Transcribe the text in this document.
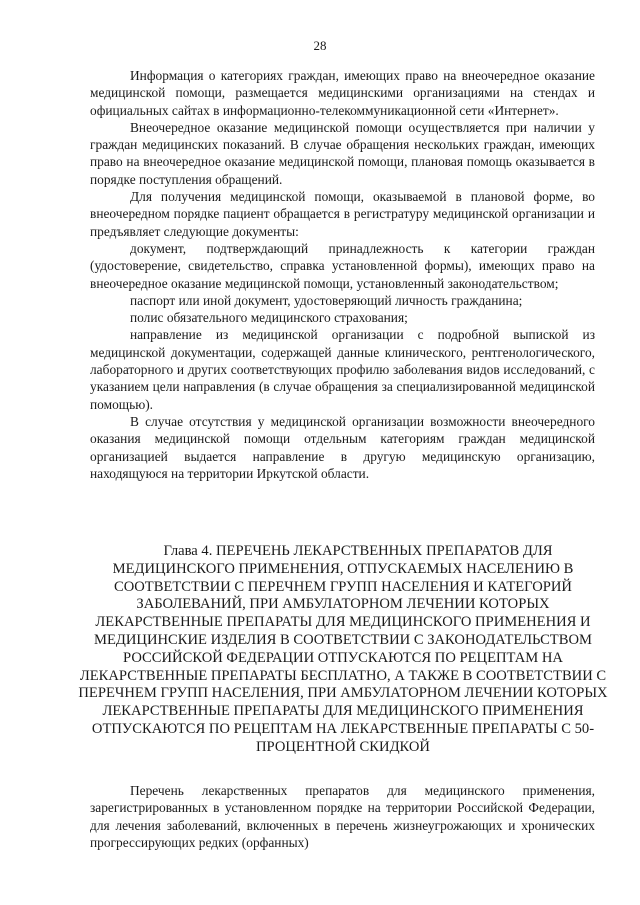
28

Информация о категориях граждан, имеющих право на внеочередное оказание медицинской помощи, размещается медицинскими организациями на стендах и официальных сайтах в информационно-телекоммуникационной сети «Интернет».

Внеочередное оказание медицинской помощи осуществляется при наличии у граждан медицинских показаний. В случае обращения нескольких граждан, имеющих право на внеочередное оказание медицинской помощи, плановая помощь оказывается в порядке поступления обращений.

Для получения медицинской помощи, оказываемой в плановой форме, во внеочередном порядке пациент обращается в регистратуру медицинской организации и предъявляет следующие документы:

документ, подтверждающий принадлежность к категории граждан (удостоверение, свидетельство, справка установленной формы), имеющих право на внеочередное оказание медицинской помощи, установленный законодательством;

паспорт или иной документ, удостоверяющий личность гражданина;

полис обязательного медицинского страхования;

направление из медицинской организации с подробной выпиской из медицинской документации, содержащей данные клинического, рентгенологического, лабораторного и других соответствующих профилю заболевания видов исследований, с указанием цели направления (в случае обращения за специализированной медицинской помощью).

В случае отсутствия у медицинской организации возможности внеочередного оказания медицинской помощи отдельным категориям граждан медицинской организацией выдается направление в другую медицинскую организацию, находящуюся на территории Иркутской области.

Глава 4. ПЕРЕЧЕНЬ ЛЕКАРСТВЕННЫХ ПРЕПАРАТОВ ДЛЯ
МЕДИЦИНСКОГО ПРИМЕНЕНИЯ, ОТПУСКАЕМЫХ НАСЕЛЕНИЮ В СООТВЕТСТВИИ С ПЕРЕЧНЕМ ГРУПП НАСЕЛЕНИЯ И КАТЕГОРИЙ ЗАБОЛЕВАНИЙ, ПРИ АМБУЛАТОРНОМ ЛЕЧЕНИИ КОТОРЫХ ЛЕКАРСТВЕННЫЕ ПРЕПАРАТЫ ДЛЯ МЕДИЦИНСКОГО ПРИМЕНЕНИЯ И МЕДИЦИНСКИЕ ИЗДЕЛИЯ В СООТВЕТСТВИИ С ЗАКОНОДАТЕЛЬСТВОМ РОССИЙСКОЙ ФЕДЕРАЦИИ ОТПУСКАЮТСЯ ПО РЕЦЕПТАМ НА ЛЕКАРСТВЕННЫЕ ПРЕПАРАТЫ БЕСПЛАТНО, А ТАКЖЕ В СООТВЕТСТВИИ С ПЕРЕЧНЕМ ГРУПП НАСЕЛЕНИЯ, ПРИ АМБУЛАТОРНОМ ЛЕЧЕНИИ КОТОРЫХ ЛЕКАРСТВЕННЫЕ ПРЕПАРАТЫ ДЛЯ МЕДИЦИНСКОГО ПРИМЕНЕНИЯ ОТПУСКАЮТСЯ ПО РЕЦЕПТАМ НА ЛЕКАРСТВЕННЫЕ ПРЕПАРАТЫ С 50-ПРОЦЕНТНОЙ СКИДКОЙ

Перечень лекарственных препаратов для медицинского применения, зарегистрированных в установленном порядке на территории Российской Федерации, для лечения заболеваний, включенных в перечень жизнеугрожающих и хронических прогрессирующих редких (орфанных)
